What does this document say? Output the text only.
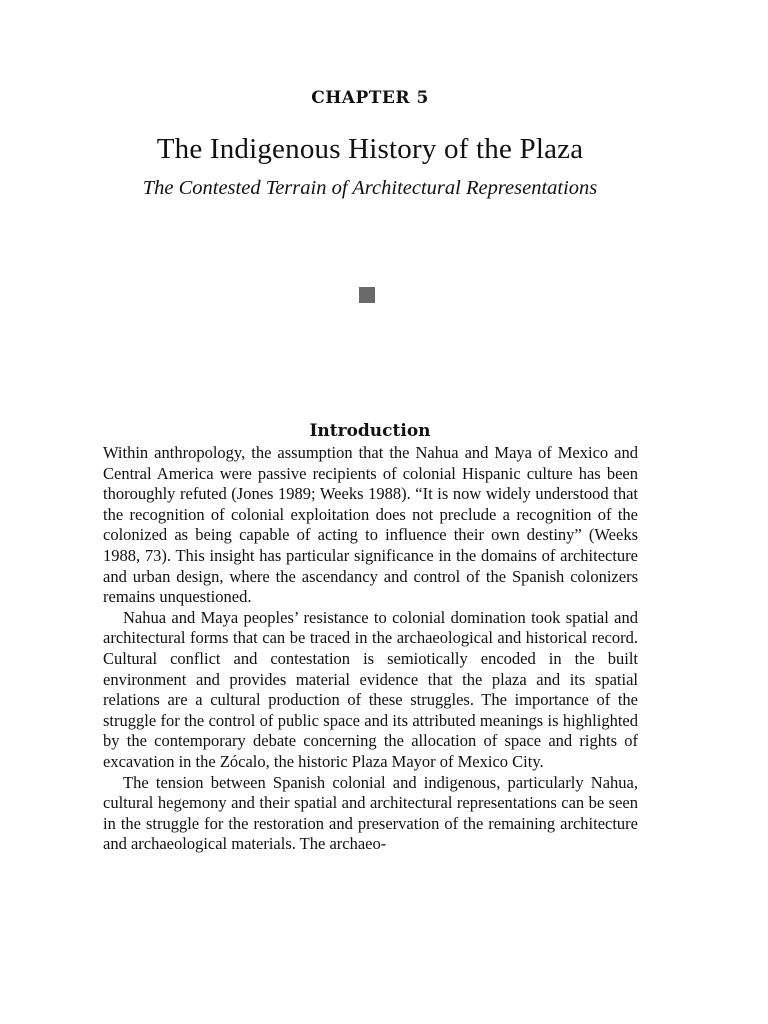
CHAPTER 5
The Indigenous History of the Plaza
The Contested Terrain of Architectural Representations
Introduction

Within anthropology, the assumption that the Nahua and Maya of Mexico and Central America were passive recipients of colonial Hispanic culture has been thoroughly refuted (Jones 1989; Weeks 1988). “It is now widely understood that the recognition of colonial exploitation does not preclude a recognition of the colonized as being capable of acting to influence their own destiny” (Weeks 1988, 73). This insight has particular significance in the domains of architecture and urban design, where the ascendancy and control of the Spanish colonizers remains unquestioned.

Nahua and Maya peoples’ resistance to colonial domination took spatial and architectural forms that can be traced in the archaeological and historical record. Cultural conflict and contestation is semiotically encoded in the built environment and provides material evidence that the plaza and its spatial relations are a cultural production of these struggles. The importance of the struggle for the control of public space and its attributed meanings is highlighted by the contemporary debate concerning the allocation of space and rights of excavation in the Zócalo, the historic Plaza Mayor of Mexico City.

The tension between Spanish colonial and indigenous, particularly Nahua, cultural hegemony and their spatial and architectural representations can be seen in the struggle for the restoration and preservation of the remaining architecture and archaeological materials. The archaeo-
